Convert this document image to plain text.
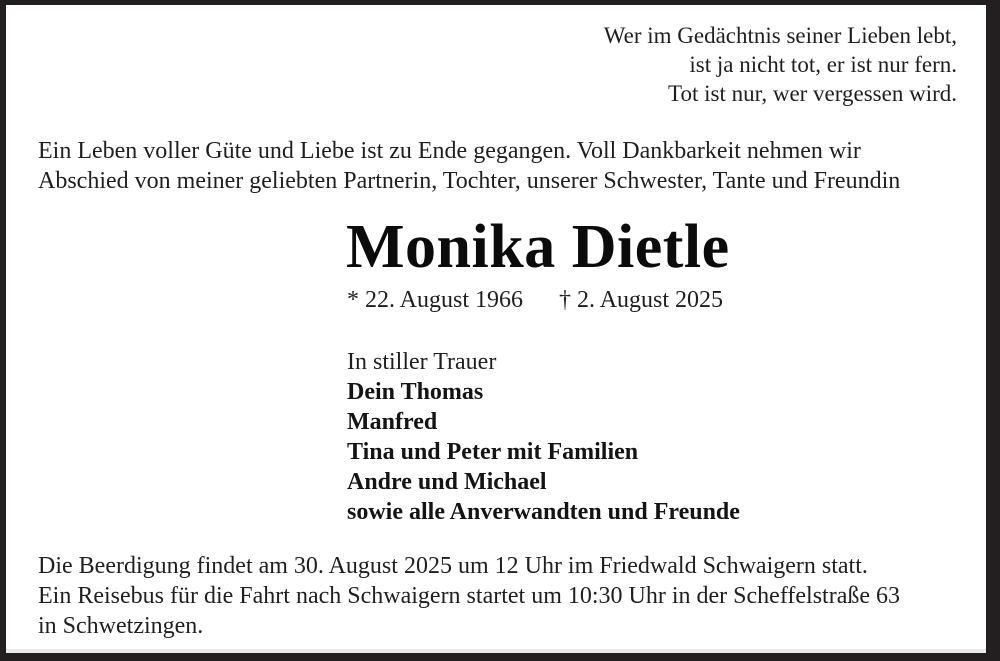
Wer im Gedächtnis seiner Lieben lebt,
ist ja nicht tot, er ist nur fern.
Tot ist nur, wer vergessen wird.
Ein Leben voller Güte und Liebe ist zu Ende gegangen. Voll Dankbarkeit nehmen wir
Abschied von meiner geliebten Partnerin, Tochter, unserer Schwester, Tante und Freundin
Monika Dietle
* 22. August 1966 † 2. August 2025
In stiller Trauer
Dein Thomas
Manfred
Tina und Peter mit Familien
Andre und Michael
sowie alle Anverwandten und Freunde
Die Beerdigung findet am 30. August 2025 um 12 Uhr im Friedwald Schwaigern statt.
Ein Reisebus für die Fahrt nach Schwaigern startet um 10:30 Uhr in der Scheffelstraße 63
in Schwetzingen.
